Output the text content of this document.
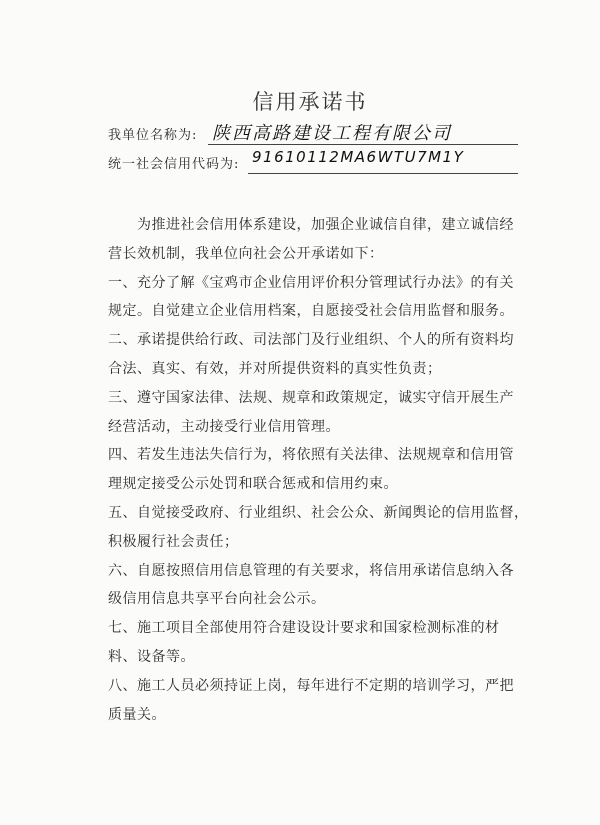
信用承诺书
我单位名称为: 陕西高路建设工程有限公司
统一社会信用代码为: 91610112MA6WTU7M1Y
为推进社会信用体系建设，加强企业诚信自律，建立诚信经
营长效机制，我单位向社会公开承诺如下：
一、充分了解《宝鸡市企业信用评价积分管理试行办法》的有关
规定。自觉建立企业信用档案，自愿接受社会信用监督和服务。
二、承诺提供给行政、司法部门及行业组织、个人的所有资料均
合法、真实、有效，并对所提供资料的真实性负责；
三、遵守国家法律、法规、规章和政策规定，诚实守信开展生产
经营活动，主动接受行业信用管理。
四、若发生违法失信行为，将依照有关法律、法规规章和信用管
理规定接受公示处罚和联合惩戒和信用约束。
五、自觉接受政府、行业组织、社会公众、新闻舆论的信用监督，
积极履行社会责任；
六、自愿按照信用信息管理的有关要求，将信用承诺信息纳入各
级信用信息共享平台向社会公示。
七、施工项目全部使用符合建设设计要求和国家检测标准的材
料、设备等。
八、施工人员必须持证上岗，每年进行不定期的培训学习，严把
质量关。
